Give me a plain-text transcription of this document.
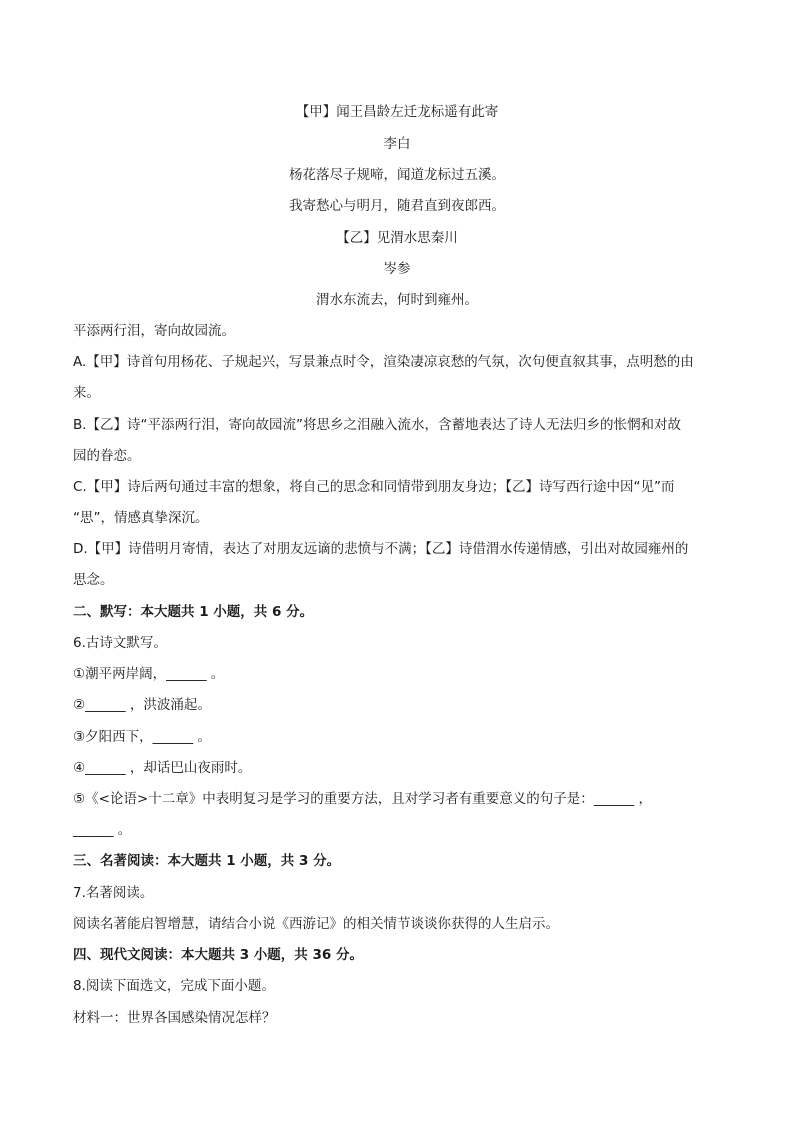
【甲】闻王昌龄左迁龙标遥有此寄
李白
杨花落尽子规啼，闻道龙标过五溪。
我寄愁心与明月，随君直到夜郎西。
【乙】见渭水思秦川
岑参
渭水东流去，何时到雍州。
平添两行泪，寄向故园流。
A.【甲】诗首句用杨花、子规起兴，写景兼点时令，渲染凄凉哀愁的气氛，次句便直叙其事，点明愁的由
来。
B.【乙】诗“平添两行泪，寄向故园流”将思乡之泪融入流水，含蓄地表达了诗人无法归乡的怅惘和对故
园的眷恋。
C.【甲】诗后两句通过丰富的想象，将自己的思念和同情带到朋友身边；【乙】诗写西行途中因“见”而
“思”，情感真挚深沉。
D.【甲】诗借明月寄情，表达了对朋友远谪的悲愤与不满；【乙】诗借渭水传递情感，引出对故园雍州的
思念。
二、默写：本大题共 1 小题，共 6 分。
6.古诗文默写。
①潮平两岸阔，______ 。
②______ ，洪波涌起。
③夕阳西下，______ 。
④______ ，却话巴山夜雨时。
⑤《<论语>十二章》中表明复习是学习的重要方法，且对学习者有重要意义的句子是：______ ，
______ 。
三、名著阅读：本大题共 1 小题，共 3 分。
7.名著阅读。
阅读名著能启智增慧，请结合小说《西游记》的相关情节谈谈你获得的人生启示。
四、现代文阅读：本大题共 3 小题，共 36 分。
8.阅读下面选文，完成下面小题。
材料一：世界各国感染情况怎样？
